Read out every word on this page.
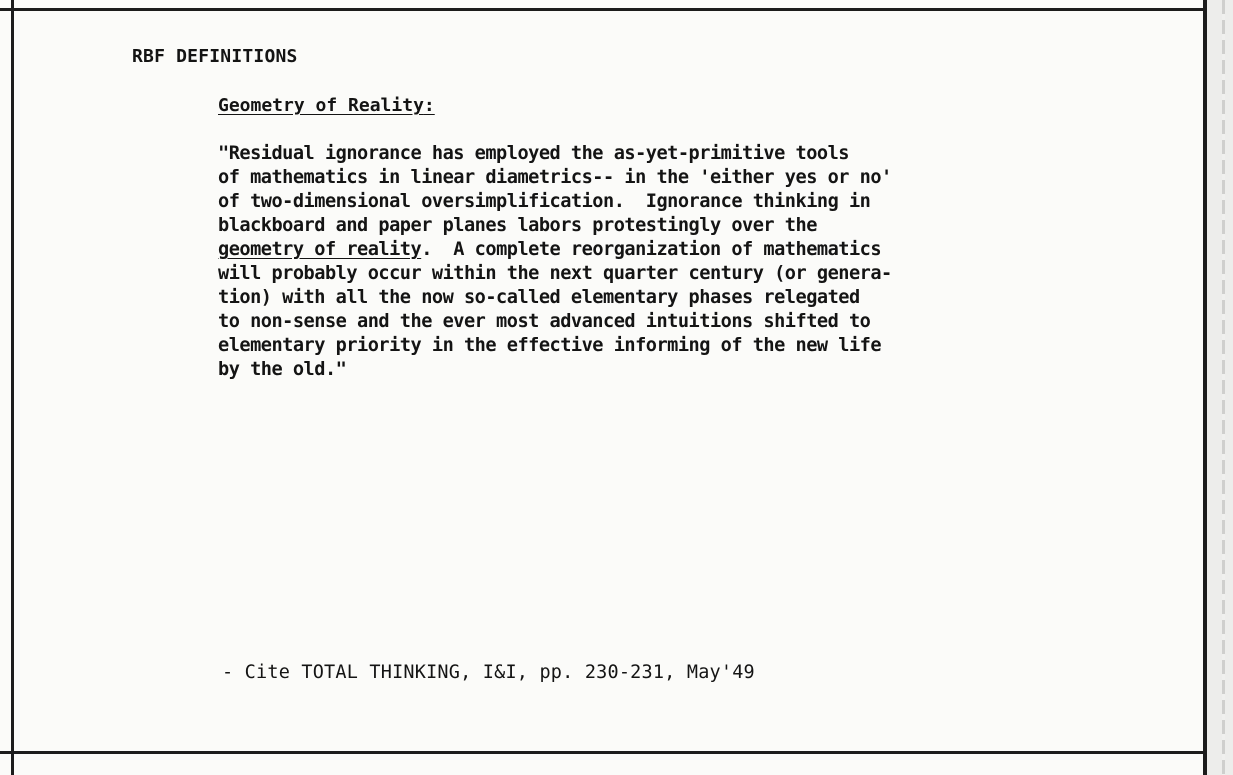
RBF DEFINITIONS

Geometry of Reality:

"Residual ignorance has employed the as-yet-primitive tools
of mathematics in linear diametrics-- in the 'either yes or no'
of two-dimensional oversimplification.  Ignorance thinking in
blackboard and paper planes labors protestingly over the
geometry of reality.  A complete reorganization of mathematics
will probably occur within the next quarter century (or genera-
tion) with all the now so-called elementary phases relegated
to non-sense and the ever most advanced intuitions shifted to
elementary priority in the effective informing of the new life
by the old."

- Cite TOTAL THINKING, I&I, pp. 230-231, May'49
